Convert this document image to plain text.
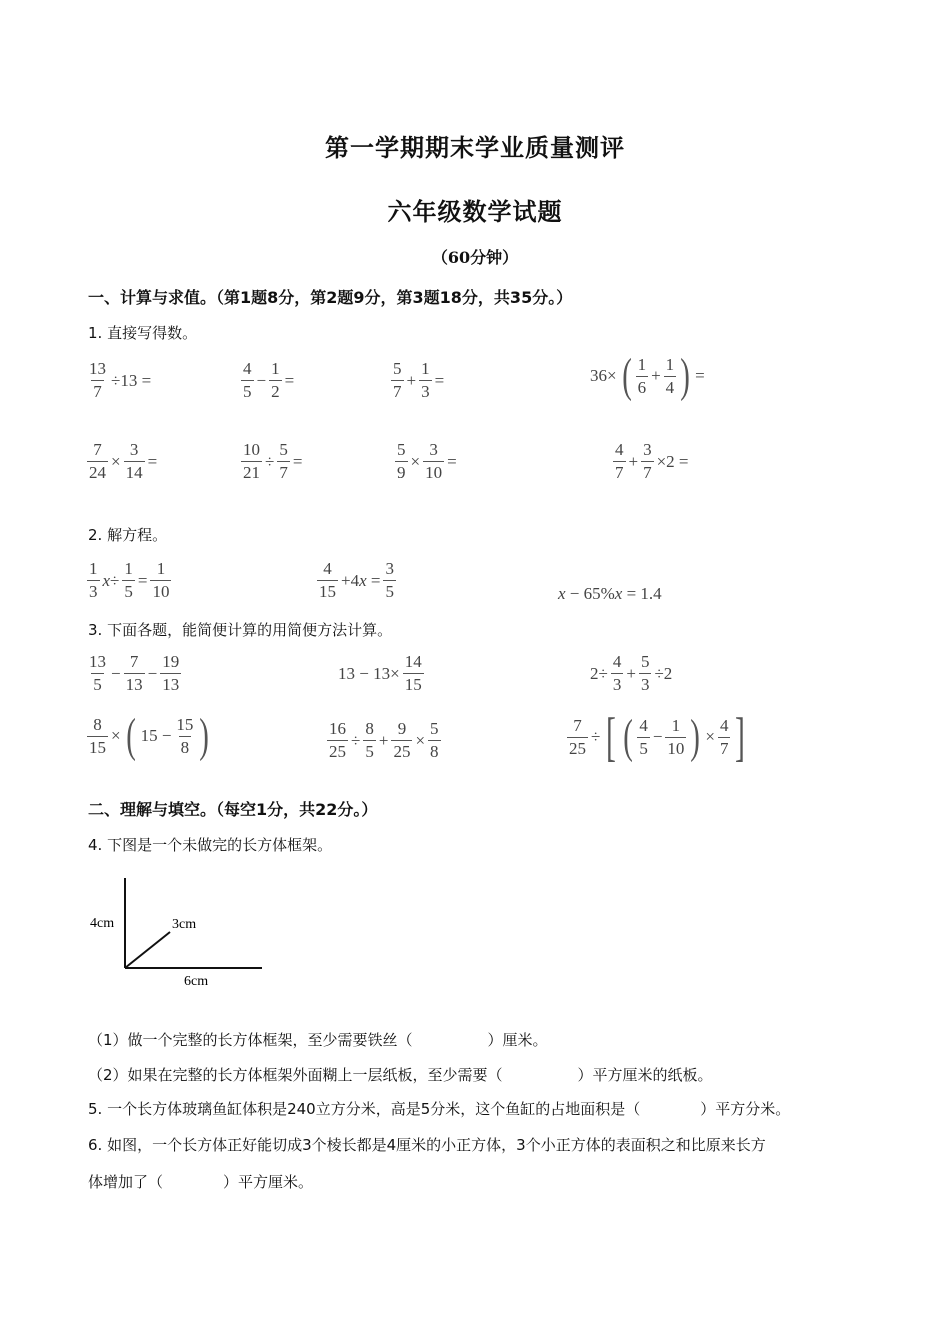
第一学期期末学业质量测评
六年级数学试题
（60分钟）
一、计算与求值。（第1题8分，第2题9分，第3题18分，共35分。）
1. 直接写得数。
$\frac{13}{7} \div 13$ =	$\frac{4}{5} - \frac{1}{2}$ =	$\frac{5}{7} + \frac{1}{3}$ =	36× ( $\frac{1}{6} + \frac{1}{4}$ ) =
$\frac{7}{24} \times \frac{3}{14}$ =	$\frac{10}{21} \div \frac{5}{7}$ =	$\frac{5}{9} \times \frac{3}{10}$ =	$\frac{4}{7} + \frac{3}{7} \times 2$ =
2. 解方程。
$\frac{1}{3} x\div \frac{1}{5} = \frac{1}{10}$	$\frac{4}{15} +4x = \frac{3}{5}$	x − 65%x = 1.4
3. 下面各题，能简便计算的用简便方法计算。
$\frac{13}{5} - \frac{7}{13} - \frac{19}{13}$	$13 - 13\times \frac{14}{15}$	$2\div \frac{4}{3} + \frac{5}{3} \div 2$
$\frac{8}{15}$ × ( $15 - \frac{15}{8}$ )	$\frac{16}{25} \div \frac{8}{5} + \frac{9}{25} \times \frac{5}{8}$	$\frac{7}{25}$ ÷ [ ( $\frac{4}{5} - \frac{1}{10}$ ) × $\frac{4}{7}$ ]
二、理解与填空。（每空1分，共22分。）
4. 下图是一个未做完的长方体框架。
4cm	3cm
6cm
（1）做一个完整的长方体框架，至少需要铁丝（　　　　　）厘米。
（2）如果在完整的长方体框架外面糊上一层纸板，至少需要（　　　　　）平方厘米的纸板。
5. 一个长方体玻璃鱼缸体积是240立方分米，高是5分米，这个鱼缸的占地面积是（　　　　）平方分米。
6. 如图，一个长方体正好能切成3个棱长都是4厘米的小正方体，3个小正方体的表面积之和比原来长方
体增加了（　　　　）平方厘米。
